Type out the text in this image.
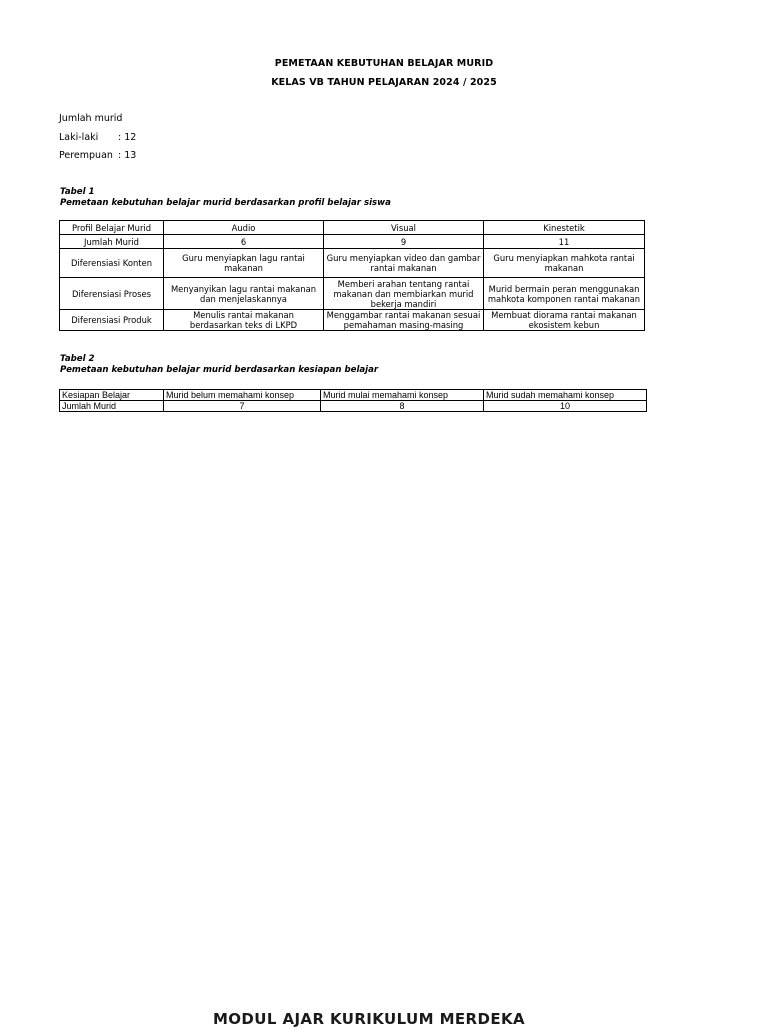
PEMETAAN KEBUTUHAN BELAJAR MURID
KELAS VB TAHUN PELAJARAN 2024 / 2025
Jumlah murid
Laki-laki	: 12
Perempuan : 13
Tabel 1
Pemetaan kebutuhan belajar murid berdasarkan profil belajar siswa
Profil Belajar Murid	Audio	Visual	Kinestetik
Jumlah Murid	6	9	11
Diferensiasi Konten	Guru menyiapkan lagu rantai makanan	Guru menyiapkan video dan gambar rantai makanan	Guru menyiapkan mahkota rantai makanan
Diferensiasi Proses	Menyanyikan lagu rantai makanan dan menjelaskannya	Memberi arahan tentang rantai makanan dan membiarkan murid bekerja mandiri	Murid bermain peran menggunakan mahkota komponen rantai makanan
Diferensiasi Produk	Menulis rantai makanan berdasarkan teks di LKPD	Menggambar rantai makanan sesuai pemahaman masing-masing	Membuat diorama rantai makanan ekosistem kebun
Tabel 2
Pemetaan kebutuhan belajar murid berdasarkan kesiapan belajar
Kesiapan Belajar	Murid belum memahami konsep	Murid mulai memahami konsep	Murid sudah memahami konsep
Jumlah Murid	7	8	10
MODUL AJAR KURIKULUM MERDEKA
